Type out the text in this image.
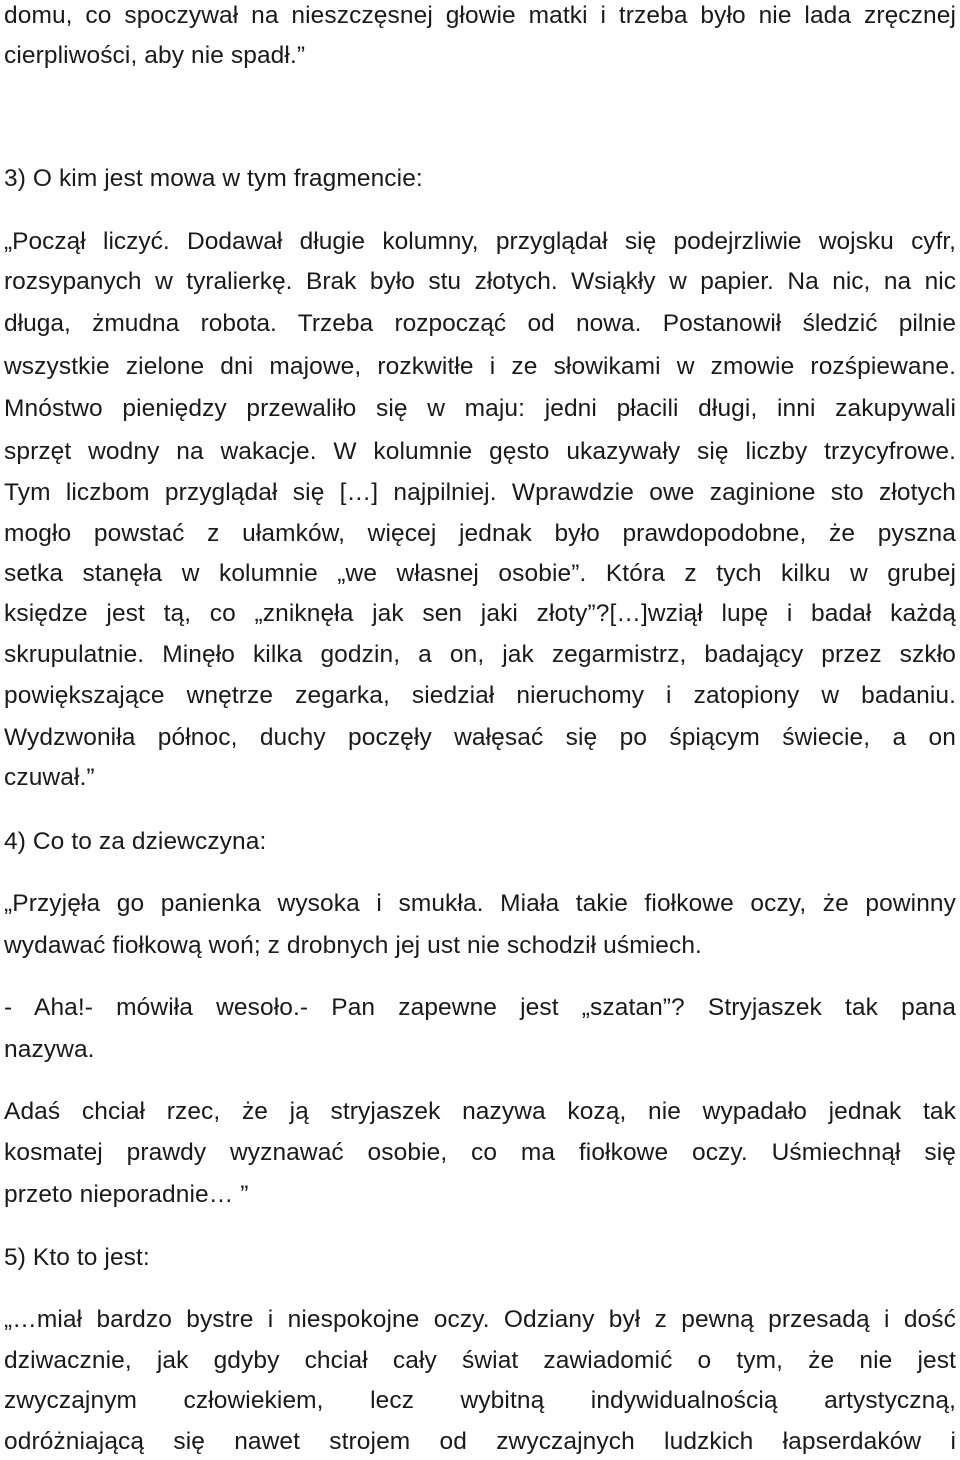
domu, co spoczywał na nieszczęsnej głowie matki i trzeba było nie lada zręcznej
cierpliwości, aby nie spadł.”
3) O kim jest mowa w tym fragmencie:
„Począł liczyć. Dodawał długie kolumny, przyglądał się podejrzliwie wojsku cyfr,
rozsypanych w tyralierkę. Brak było stu złotych. Wsiąkły w papier. Na nic, na nic
długa, żmudna robota. Trzeba rozpocząć od nowa. Postanowił śledzić pilnie
wszystkie zielone dni majowe, rozkwitłe i ze słowikami w zmowie rozśpiewane.
Mnóstwo pieniędzy przewaliło się w maju: jedni płacili długi, inni zakupywali
sprzęt wodny na wakacje. W kolumnie gęsto ukazywały się liczby trzycyfrowe.
Tym liczbom przyglądał się […] najpilniej. Wprawdzie owe zaginione sto złotych
mogło powstać z ułamków, więcej jednak było prawdopodobne, że pyszna
setka stanęła w kolumnie „we własnej osobie”. Która z tych kilku w grubej
księdze jest tą, co „zniknęła jak sen jaki złoty”?[…]wziął lupę i badał każdą
skrupulatnie. Minęło kilka godzin, a on, jak zegarmistrz, badający przez szkło
powiększające wnętrze zegarka, siedział nieruchomy i zatopiony w badaniu.
Wydzwoniła północ, duchy poczęły wałęsać się po śpiącym świecie, a on
czuwał.”
4) Co to za dziewczyna:
„Przyjęła go panienka wysoka i smukła. Miała takie fiołkowe oczy, że powinny
wydawać fiołkową woń; z drobnych jej ust nie schodził uśmiech.
- Aha!- mówiła wesoło.- Pan zapewne jest „szatan”? Stryjaszek tak pana
nazywa.
Adaś chciał rzec, że ją stryjaszek nazywa kozą, nie wypadało jednak tak
kosmatej prawdy wyznawać osobie, co ma fiołkowe oczy. Uśmiechnął się
przeto nieporadnie… ”
5) Kto to jest:
„…miał bardzo bystre i niespokojne oczy. Odziany był z pewną przesadą i dość
dziwacznie, jak gdyby chciał cały świat zawiadomić o tym, że nie jest
zwyczajnym człowiekiem, lecz wybitną indywidualnością artystyczną,
odróżniającą się nawet strojem od zwyczajnych ludzkich łapserdaków i
